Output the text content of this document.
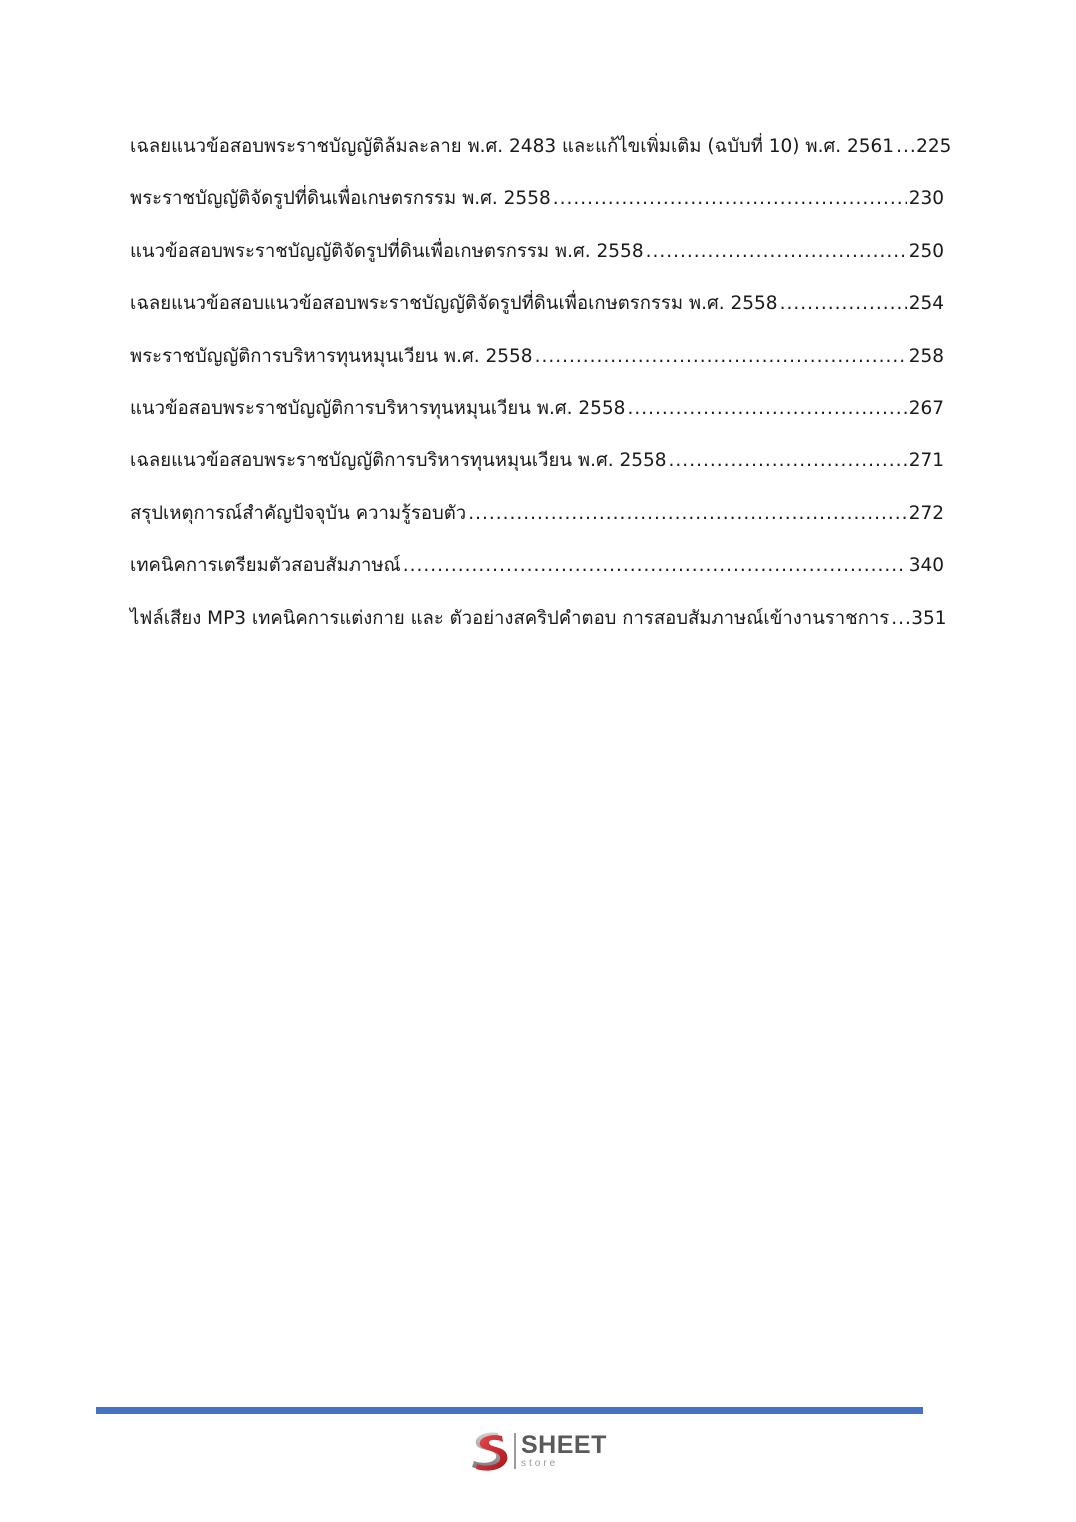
เฉลยแนวข้อสอบพระราชบัญญัติล้มละลาย พ.ศ. 2483 และแก้ไขเพิ่มเติม (ฉบับที่ 10) พ.ศ. 2561 ..... 225
พระราชบัญญัติจัดรูปที่ดินเพื่อเกษตรกรรม พ.ศ. 2558 .....	230
แนวข้อสอบพระราชบัญญัติจัดรูปที่ดินเพื่อเกษตรกรรม พ.ศ. 2558 .....	250
เฉลยแนวข้อสอบแนวข้อสอบพระราชบัญญัติจัดรูปที่ดินเพื่อเกษตรกรรม พ.ศ. 2558 .....	254
พระราชบัญญัติการบริหารทุนหมุนเวียน พ.ศ. 2558 .....	258
แนวข้อสอบพระราชบัญญัติการบริหารทุนหมุนเวียน พ.ศ. 2558 .....	267
เฉลยแนวข้อสอบพระราชบัญญัติการบริหารทุนหมุนเวียน พ.ศ. 2558 .....	271
สรุปเหตุการณ์สำคัญปัจจุบัน ความรู้รอบตัว .....	272
เทคนิคการเตรียมตัวสอบสัมภาษณ์ .....	340
ไฟล์เสียง MP3 เทคนิคการแต่งกาย และ ตัวอย่างสคริปคำตอบ การสอบสัมภาษณ์เข้างานราชการ ..... 351
SHEET
store
